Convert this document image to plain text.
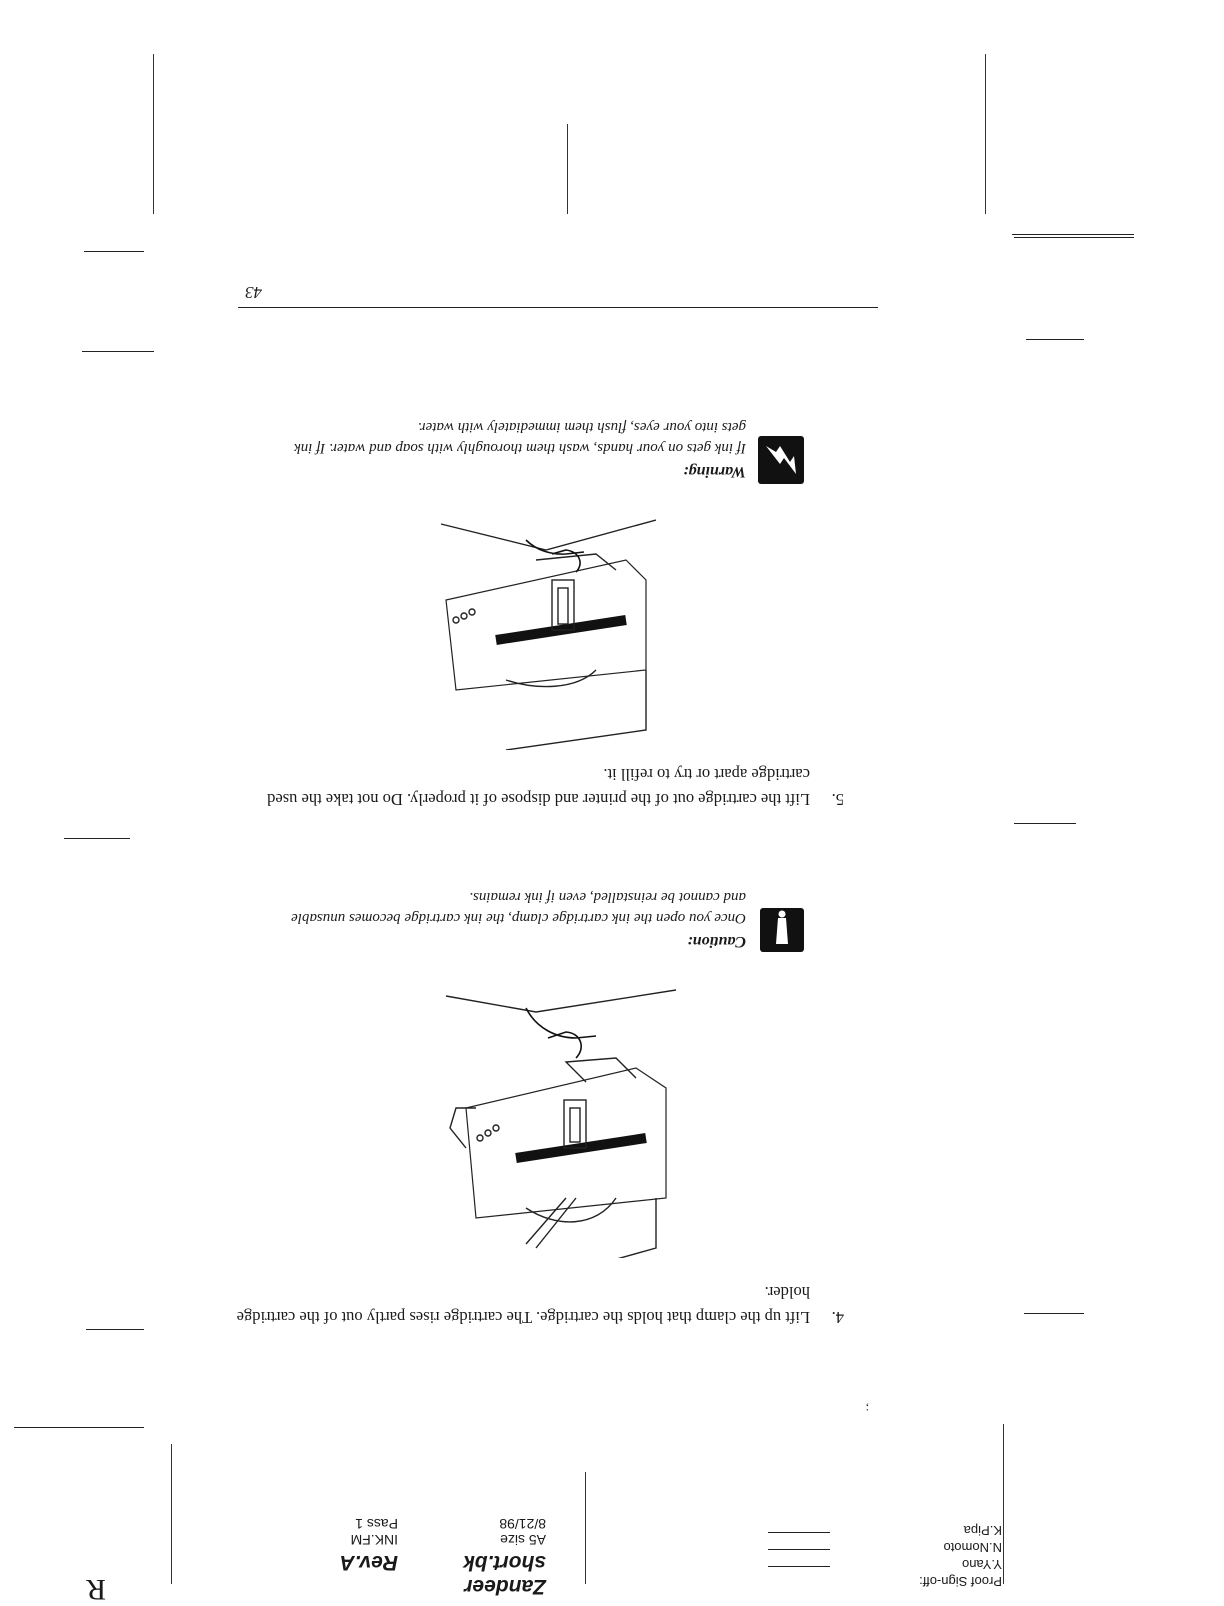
Proof Sign-off:
Y.Yano
N.Nomoto
K.Pipa
Zandeer
short.bk
A5 size
8/21/98
Rev.A
INK.FM
Pass 1
R
4.
Lift up the clamp that holds the cartridge. The cartridge rises partly out of the cartridge holder.
Caution:
Once you open the ink cartridge clamp, the ink cartridge becomes unusable and cannot be reinstalled, even if ink remains.
5.
Lift the cartridge out of the printer and dispose of it properly. Do not take the used cartridge apart or try to refill it.
Warning:
If ink gets on your hands, wash them thoroughly with soap and water. If ink gets into your eyes, flush them immediately with water.
43
;
